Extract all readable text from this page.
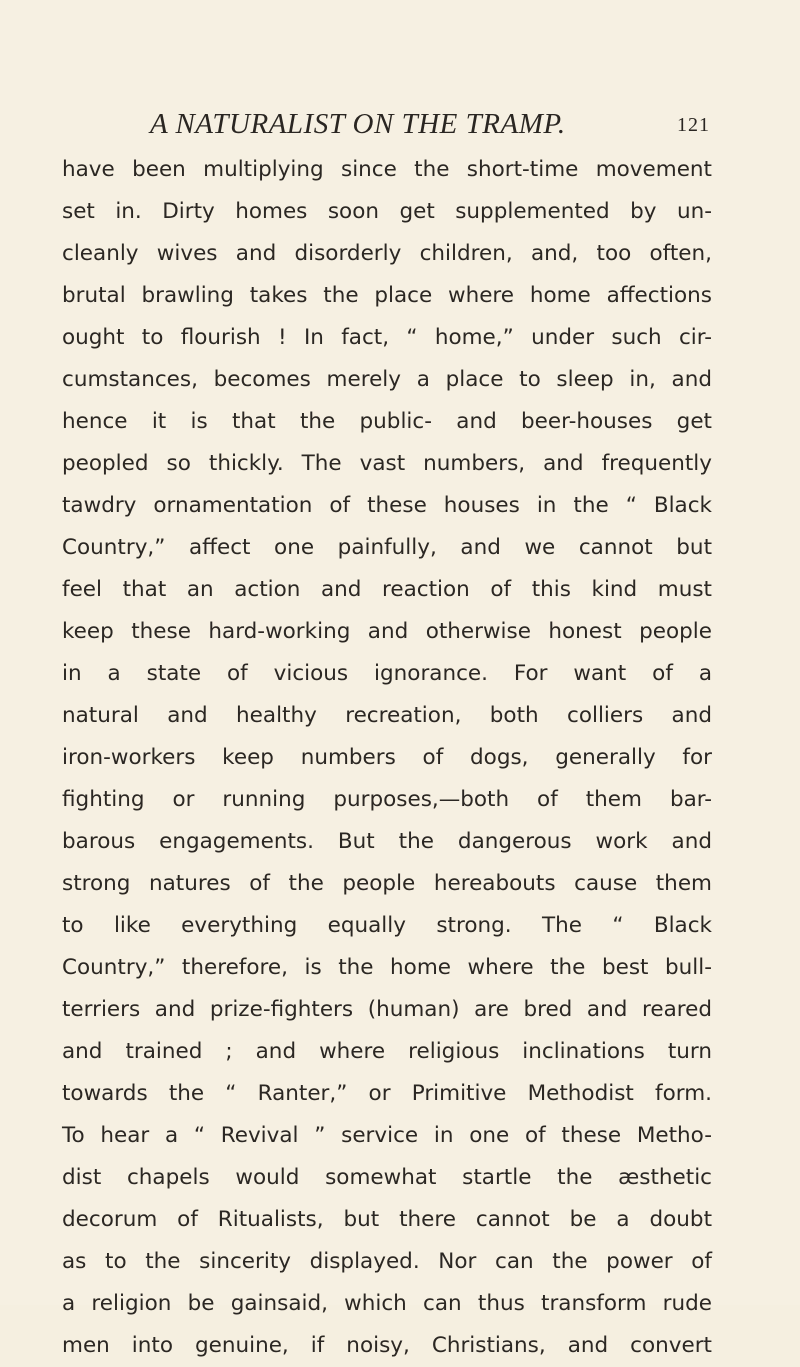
A NATURALIST ON THE TRAMP.	121
have been multiplying since the short-time movement
set in. Dirty homes soon get supplemented by un-
cleanly wives and disorderly children, and, too often,
brutal brawling takes the place where home affections
ought to flourish ! In fact, “ home,” under such cir-
cumstances, becomes merely a place to sleep in, and
hence it is that the public- and beer-houses get
peopled so thickly. The vast numbers, and frequently
tawdry ornamentation of these houses in the “ Black
Country,” affect one painfully, and we cannot but
feel that an action and reaction of this kind must
keep these hard-working and otherwise honest people
in a state of vicious ignorance. For want of a
natural and healthy recreation, both colliers and
iron-workers keep numbers of dogs, generally for
fighting or running purposes,—both of them bar-
barous engagements. But the dangerous work and
strong natures of the people hereabouts cause them
to like everything equally strong. The “ Black
Country,” therefore, is the home where the best bull-
terriers and prize-fighters (human) are bred and reared
and trained ; and where religious inclinations turn
towards the “ Ranter,” or Primitive Methodist form.
To hear a “ Revival ” service in one of these Metho-
dist chapels would somewhat startle the æsthetic
decorum of Ritualists, but there cannot be a doubt
as to the sincerity displayed. Nor can the power of
a religion be gainsaid, which can thus transform rude
men into genuine, if noisy, Christians, and convert
